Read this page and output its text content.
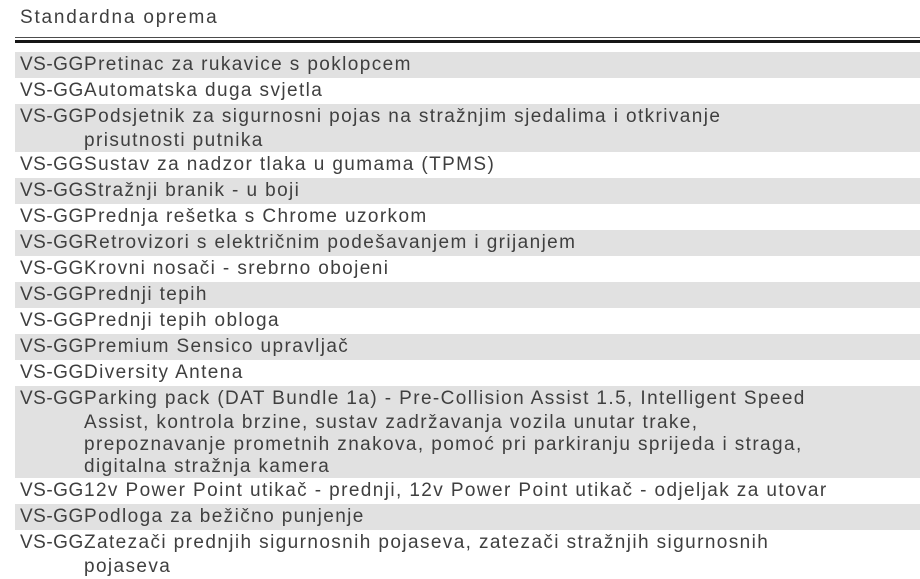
Standardna oprema
VS-GG Pretinac za rukavice s poklopcem
VS-GG Automatska duga svjetla
VS-GG Podsjetnik za sigurnosni pojas na stražnjim sjedalima i otkrivanje
prisutnosti putnika
VS-GG Sustav za nadzor tlaka u gumama (TPMS)
VS-GG Stražnji branik - u boji
VS-GG Prednja rešetka s Chrome uzorkom
VS-GG Retrovizori s električnim podešavanjem i grijanjem
VS-GG Krovni nosači - srebrno obojeni
VS-GG Prednji tepih
VS-GG Prednji tepih obloga
VS-GG Premium Sensico upravljač
VS-GG Diversity Antena
VS-GG Parking pack (DAT Bundle 1a) - Pre-Collision Assist 1.5, Intelligent Speed
Assist, kontrola brzine, sustav zadržavanja vozila unutar trake,
prepoznavanje prometnih znakova, pomoć pri parkiranju sprijeda i straga,
digitalna stražnja kamera
VS-GG 12v Power Point utikač - prednji, 12v Power Point utikač - odjeljak za utovar
VS-GG Podloga za bežično punjenje
VS-GG Zatezači prednjih sigurnosnih pojaseva, zatezači stražnjih sigurnosnih
pojaseva
